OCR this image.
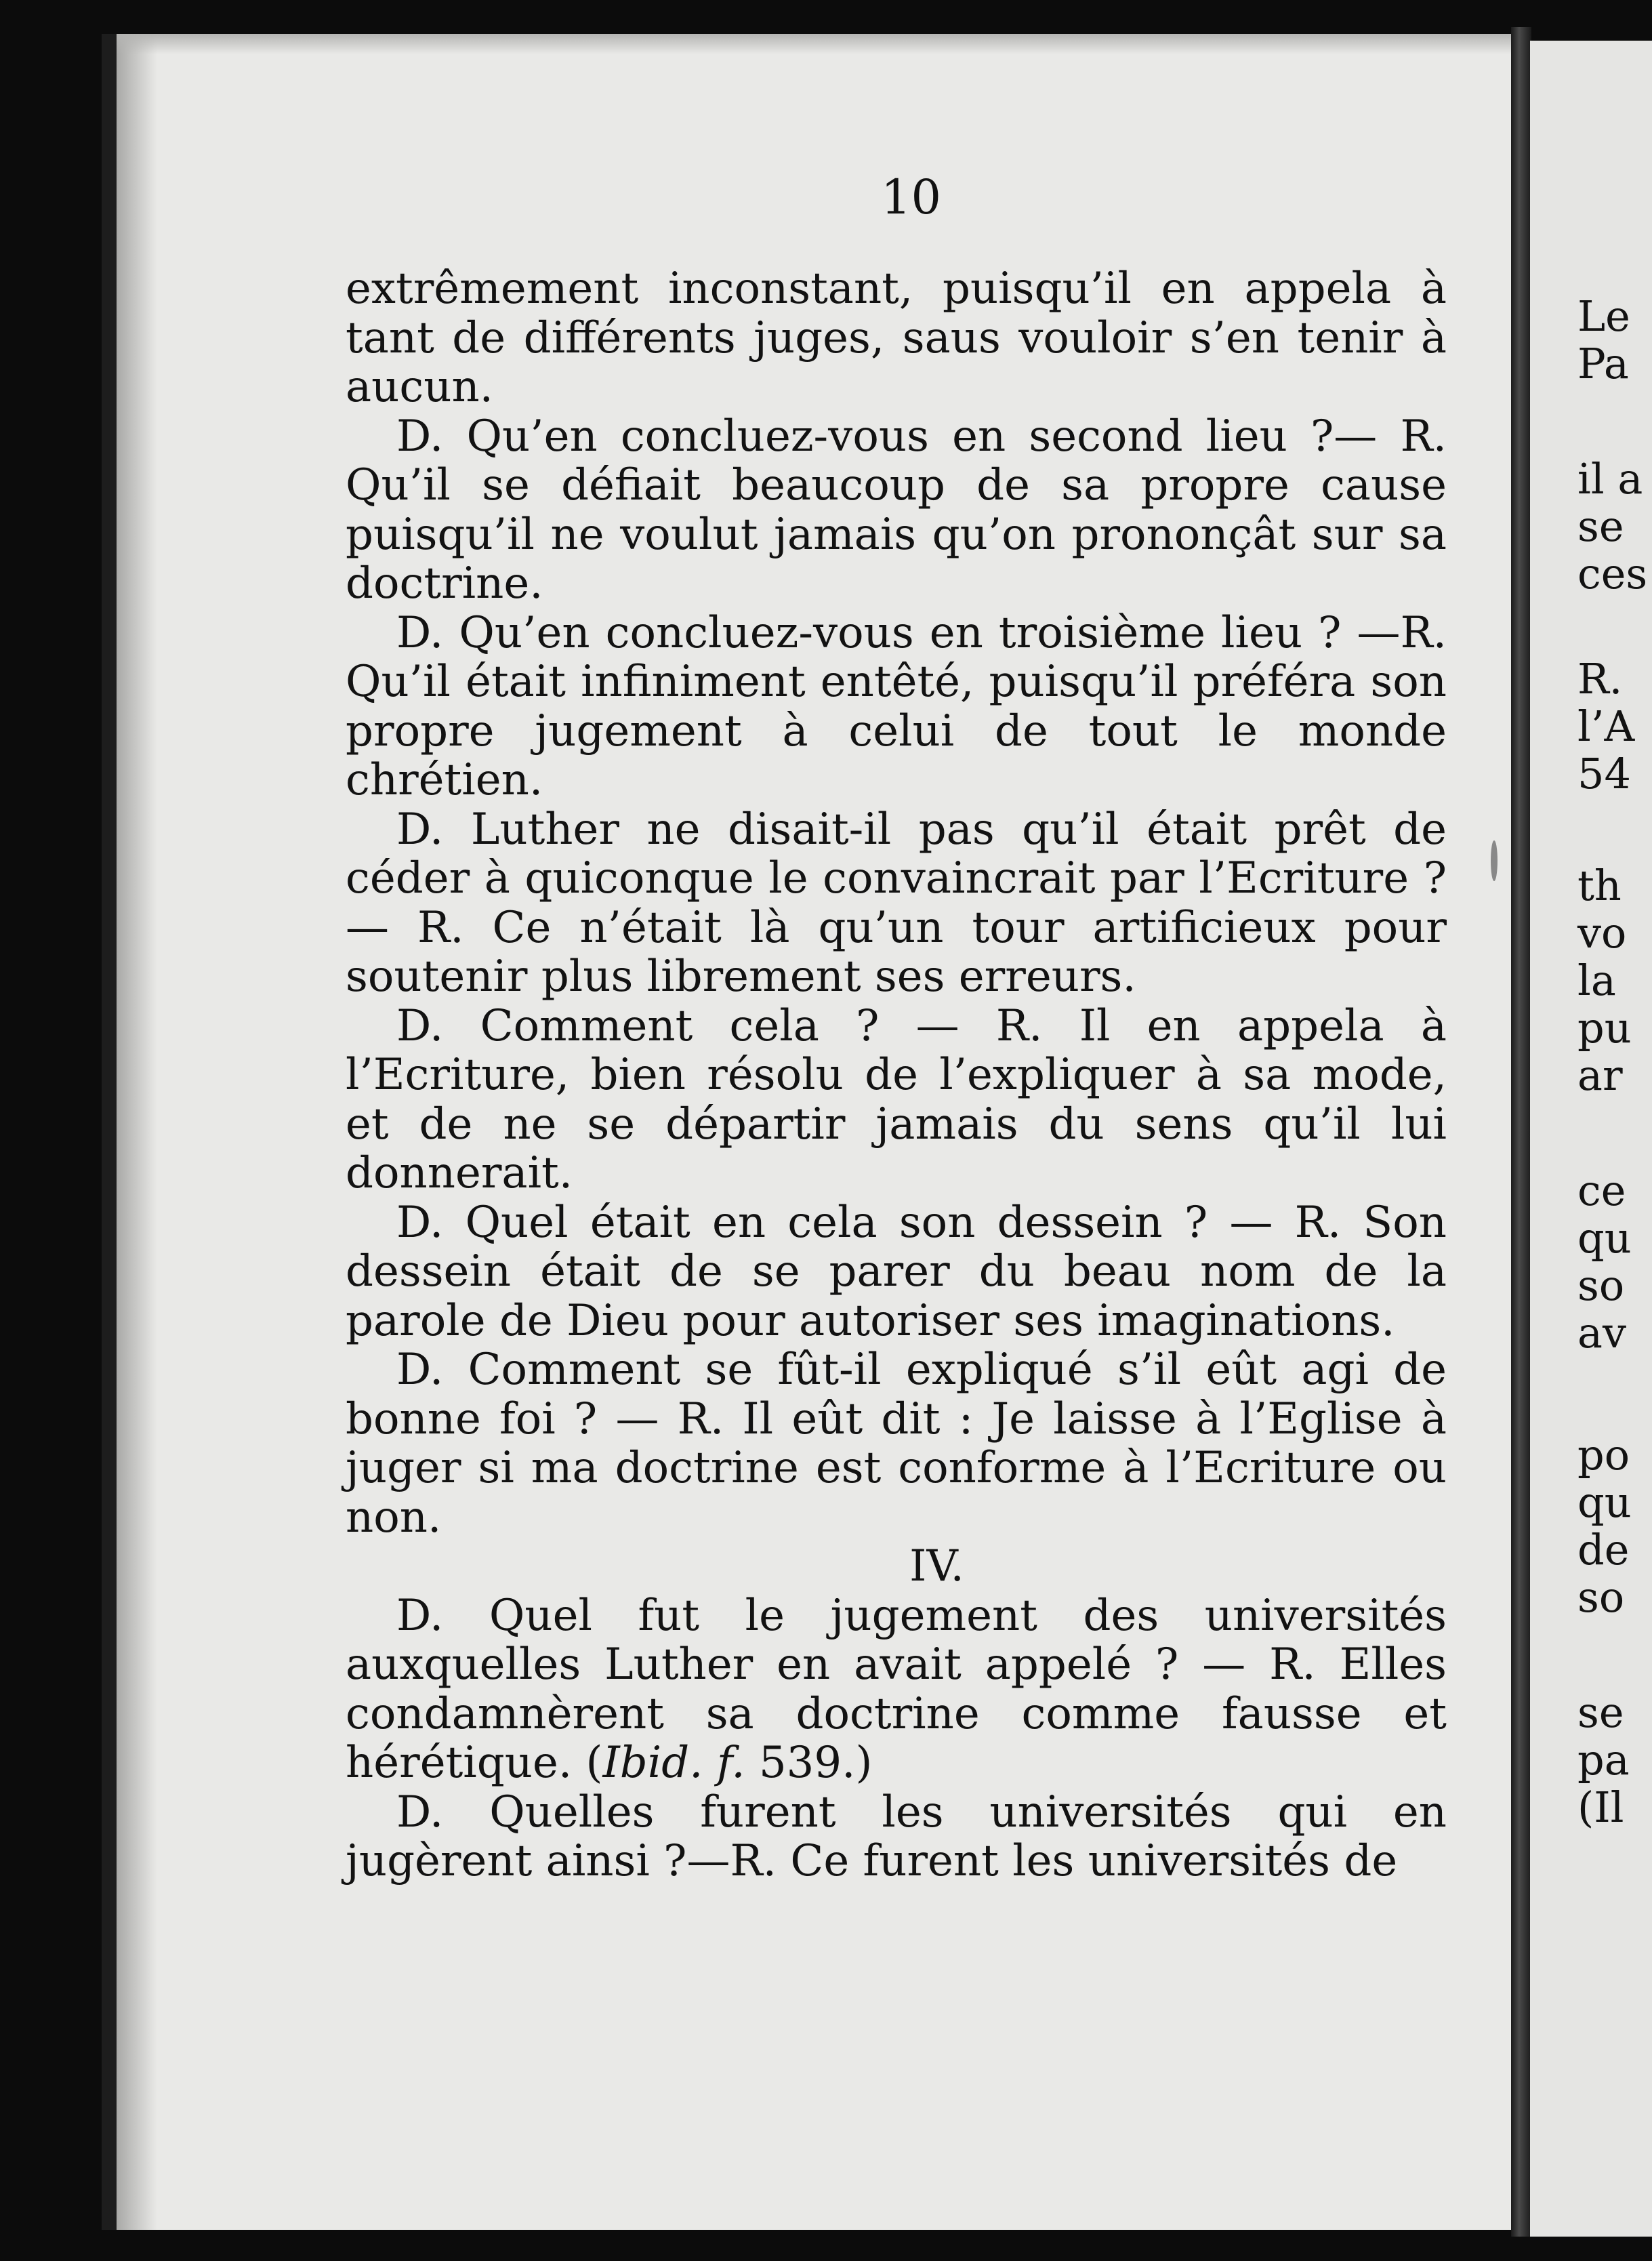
10

extrêmement inconstant, puisqu’il en appela à tant de différents juges, saus vouloir s’en tenir à aucun.

D. Qu’en concluez-vous en second lieu ?— R. Qu’il se défiait beaucoup de sa propre cause puisqu’il ne voulut jamais qu’on prononçât sur sa doctrine.

D. Qu’en concluez-vous en troisième lieu ? —R. Qu’il était infiniment entêté, puisqu’il préféra son propre jugement à celui de tout le monde chrétien.

D. Luther ne disait-il pas qu’il était prêt de céder à quiconque le convaincrait par l’Ecriture ? — R. Ce n’était là qu’un tour artificieux pour soutenir plus librement ses erreurs.

D. Comment cela ? — R. Il en appela à l’Ecriture, bien résolu de l’expliquer à sa mode, et de ne se départir jamais du sens qu’il lui donnerait.

D. Quel était en cela son dessein ? — R. Son dessein était de se parer du beau nom de la parole de Dieu pour autoriser ses imaginations.

D. Comment se fût-il expliqué s’il eût agi de bonne foi ? — R. Il eût dit : Je laisse à l’Eglise à juger si ma doctrine est conforme à l’Ecriture ou non.

IV.

D. Quel fut le jugement des universités auxquelles Luther en avait appelé ? — R. Elles condamnèrent sa doctrine comme fausse et hérétique. (Ibid. f. 539.)

D. Quelles furent les universités qui en jugèrent ainsi ?—R. Ce furent les universités de

Le
Pa
il a
se
ces
R.
l’A
54
th
vo
la
pu
ar
ce
qu
so
av
po
qu
de
so
se
pa
(Il
